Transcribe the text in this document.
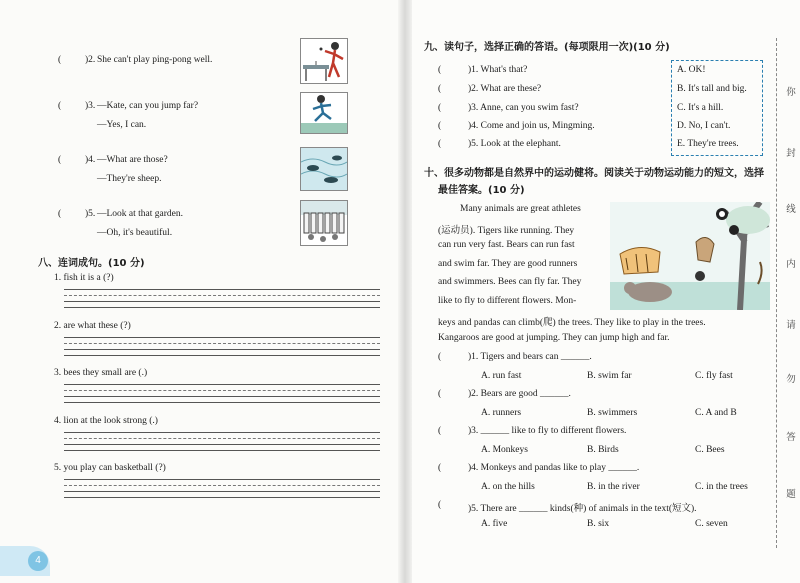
(	)2. She can't play ping-pong well.
(	)3. —Kate, can you jump far?
—Yes, I can.
(	)4. —What are those?
—They're sheep.
(	)5. —Look at that garden.
—Oh, it's beautiful.
八、连词成句。(10 分)
1. fish it is a (?)
2. are what these (?)
3. bees they small are (.)
4. lion at the look strong (.)
5. you play can basketball (?)
4
九、读句子，选择正确的答语。(每项限用一次)(10 分)
(	)1. What's that?
(	)2. What are these?
(	)3. Anne, can you swim fast?
(	)4. Come and join us, Mingming.
(	)5. Look at the elephant.
A. OK!
B. It's tall and big.
C. It's a hill.
D. No, I can't.
E. They're trees.
十、很多动物都是自然界中的运动健将。阅读关于动物运动能力的短文，选择
最佳答案。(10 分)
Many animals are great athletes
(运动员). Tigers like running. They
can run very fast. Bears can run fast
and swim far. They are good runners
and swimmers. Bees can fly far. They
like to fly to different flowers. Mon-
keys and pandas can climb(爬) the trees. They like to play in the trees.
Kangaroos are good at jumping. They can jump high and far.
(	)1. Tigers and bears can ______.
A. run fast	B. swim far	C. fly fast
(	)2. Bears are good ______.
A. runners	B. swimmers	C. A and B
(	)3. ______ like to fly to different flowers.
A. Monkeys	B. Birds	C. Bees
(	)4. Monkeys and pandas like to play ______.
A. on the hills	B. in the river	C. in the trees
(	)5. There are ______ kinds(种) of animals in the text(短文).
A. five	B. six	C. seven
你
封
线
内
请
勿
答
题
